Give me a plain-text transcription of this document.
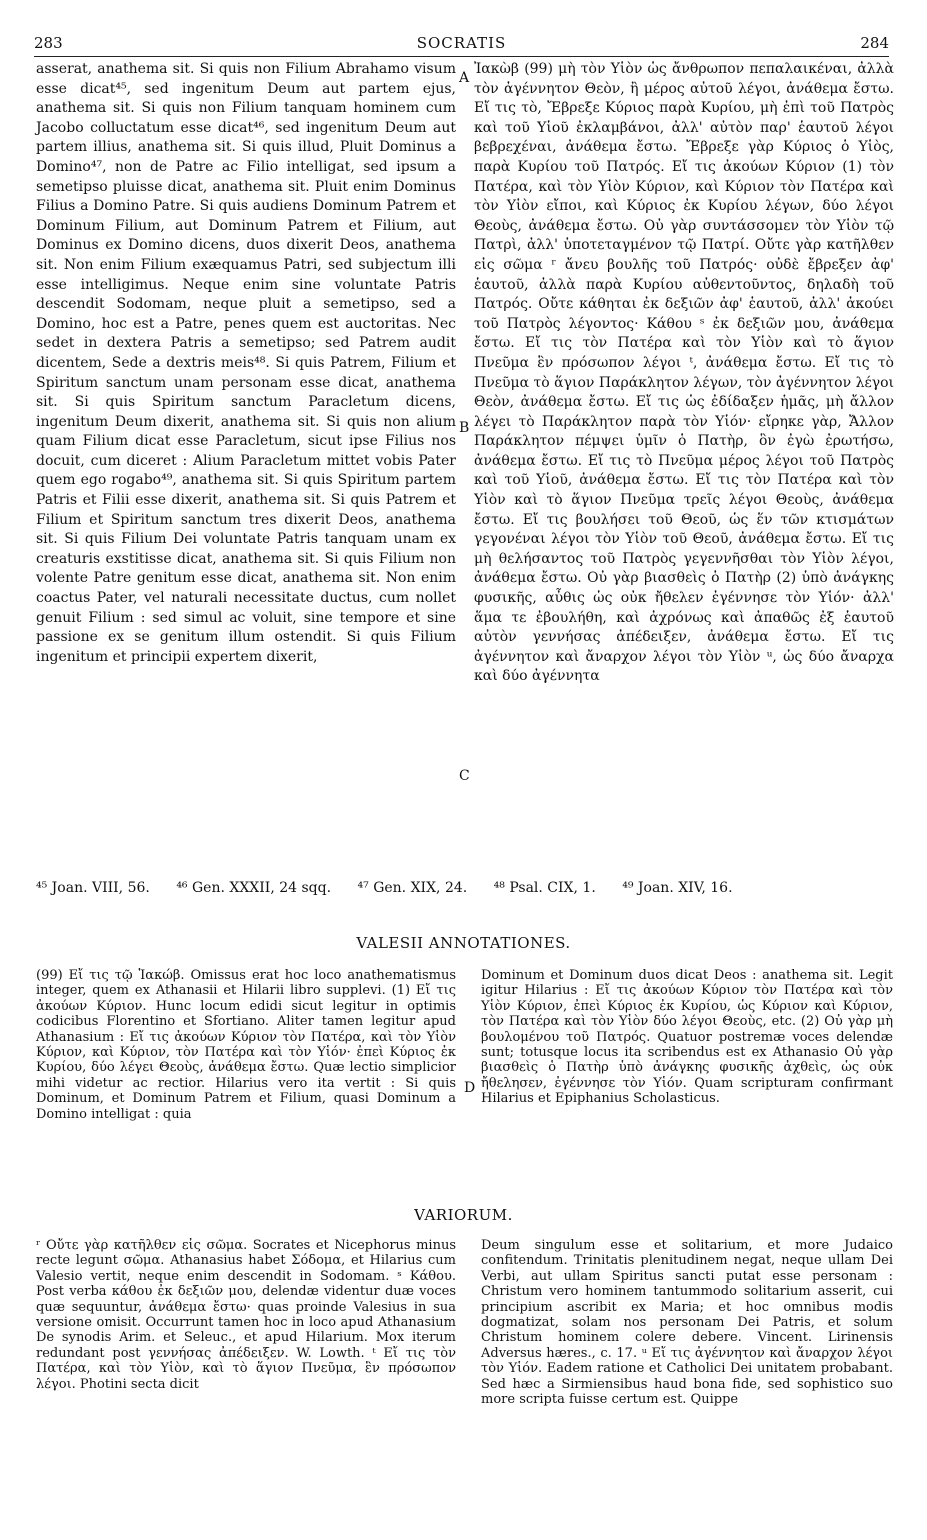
283	SOCRATIS	284

asserat, anathema sit. Si quis non Filium Abrahamo visum esse dicat⁴⁵, sed ingenitum Deum aut partem ejus, anathema sit. Si quis non Filium tanquam hominem cum Jacobo colluctatum esse dicat⁴⁶, sed ingenitum Deum aut partem illius, anathema sit. Si quis illud, Pluit Dominus a Domino⁴⁷, non de Patre ac Filio intelligat, sed ipsum a semetipso pluisse dicat, anathema sit. Pluit enim Dominus Filius a Domino Patre. Si quis audiens Dominum Patrem et Dominum Filium, aut Dominum Patrem et Filium, aut Dominus ex Domino dicens, duos dixerit Deos, anathema sit. Non enim Filium exæquamus Patri, sed subjectum illi esse intelligimus. Neque enim sine voluntate Patris descendit Sodomam, neque pluit a semetipso, sed a Domino, hoc est a Patre, penes quem est auctoritas. Nec sedet in dextera Patris a semetipso; sed Patrem audit dicentem, Sede a dextris meis⁴⁸. Si quis Patrem, Filium et Spiritum sanctum unam personam esse dicat, anathema sit. Si quis Spiritum sanctum Paracletum dicens, ingenitum Deum dixerit, anathema sit. Si quis non alium quam Filium dicat esse Paracletum, sicut ipse Filius nos docuit, cum diceret : Alium Paracletum mittet vobis Pater quem ego rogabo⁴⁹, anathema sit. Si quis Spiritum partem Patris et Filii esse dixerit, anathema sit. Si quis Patrem et Filium et Spiritum sanctum tres dixerit Deos, anathema sit. Si quis Filium Dei voluntate Patris tanquam unam ex creaturis exstitisse dicat, anathema sit. Si quis Filium non volente Patre genitum esse dicat, anathema sit. Non enim coactus Pater, vel naturali necessitate ductus, cum nollet genuit Filium : sed simul ac voluit, sine tempore et sine passione ex se genitum illum ostendit. Si quis Filium ingenitum et principii expertem dixerit,

Ἰακὼβ (99) μὴ τὸν Υἱὸν ὡς ἄνθρωπον πεπαλαικέναι, ἀλλὰ τὸν ἀγέννητον Θεὸν, ἢ μέρος αὐτοῦ λέγοι, ἀνάθεμα ἔστω. Εἴ τις τὸ, Ἔβρεξε Κύριος παρὰ Κυρίου, μὴ ἐπὶ τοῦ Πατρὸς καὶ τοῦ Υἱοῦ ἐκλαμβάνοι, ἀλλ' αὐτὸν παρ' ἑαυτοῦ λέγοι βεβρεχέναι, ἀνάθεμα ἔστω. Ἔβρεξε γὰρ Κύριος ὁ Υἱὸς, παρὰ Κυρίου τοῦ Πατρός. Εἴ τις ἀκούων Κύριον (1) τὸν Πατέρα, καὶ τὸν Υἱὸν Κύριον, καὶ Κύριον τὸν Πατέρα καὶ τὸν Υἱὸν εἴποι, καὶ Κύριος ἐκ Κυρίου λέγων, δύο λέγοι Θεοὺς, ἀνάθεμα ἔστω. Οὐ γὰρ συντάσσομεν τὸν Υἱὸν τῷ Πατρὶ, ἀλλ' ὑποτεταγμένον τῷ Πατρί. Οὔτε γὰρ κατῆλθεν εἰς σῶμα ʳ ἄνευ βουλῆς τοῦ Πατρός· οὐδὲ ἔβρεξεν ἀφ' ἑαυτοῦ, ἀλλὰ παρὰ Κυρίου αὐθεντοῦντος, δηλαδὴ τοῦ Πατρός. Οὔτε κάθηται ἐκ δεξιῶν ἀφ' ἑαυτοῦ, ἀλλ' ἀκούει τοῦ Πατρὸς λέγοντος· Κάθου ˢ ἐκ δεξιῶν μου, ἀνάθεμα ἔστω. Εἴ τις τὸν Πατέρα καὶ τὸν Υἱὸν καὶ τὸ ἅγιον Πνεῦμα ἓν πρόσωπον λέγοι ᵗ, ἀνάθεμα ἔστω. Εἴ τις τὸ Πνεῦμα τὸ ἅγιον Παράκλητον λέγων, τὸν ἀγέννητον λέγοι Θεὸν, ἀνάθεμα ἔστω. Εἴ τις ὡς ἐδίδαξεν ἡμᾶς, μὴ ἄλλον λέγει τὸ Παράκλητον παρὰ τὸν Υἱόν· εἴρηκε γὰρ, Ἄλλον Παράκλητον πέμψει ὑμῖν ὁ Πατὴρ, ὃν ἐγὼ ἐρωτήσω, ἀνάθεμα ἔστω. Εἴ τις τὸ Πνεῦμα μέρος λέγοι τοῦ Πατρὸς καὶ τοῦ Υἱοῦ, ἀνάθεμα ἔστω. Εἴ τις τὸν Πατέρα καὶ τὸν Υἱὸν καὶ τὸ ἅγιον Πνεῦμα τρεῖς λέγοι Θεοὺς, ἀνάθεμα ἔστω. Εἴ τις βουλήσει τοῦ Θεοῦ, ὡς ἕν τῶν κτισμάτων γεγονέναι λέγοι τὸν Υἱὸν τοῦ Θεοῦ, ἀνάθεμα ἔστω. Εἴ τις μὴ θελήσαντος τοῦ Πατρὸς γεγεννῆσθαι τὸν Υἱὸν λέγοι, ἀνάθεμα ἔστω. Οὐ γὰρ βιασθεὶς ὁ Πατὴρ (2) ὑπὸ ἀνάγκης φυσικῆς, αὖθις ὡς οὐκ ἤθελεν ἐγέννησε τὸν Υἱόν· ἀλλ' ἅμα τε ἐβουλήθη, καὶ ἀχρόνως καὶ ἀπαθῶς ἐξ ἑαυτοῦ αὐτὸν γεννήσας ἀπέδειξεν, ἀνάθεμα ἔστω. Εἴ τις ἀγέννητον καὶ ἄναρχον λέγοι τὸν Υἱὸν ᵘ, ὡς δύο ἄναρχα καὶ δύο ἀγέννητα

A
B
C
D
⁴⁵ Joan. VIII, 56. ⁴⁶ Gen. XXXII, 24 sqq. ⁴⁷ Gen. XIX, 24. ⁴⁸ Psal. CIX, 1. ⁴⁹ Joan. XIV, 16.
VALESII ANNOTATIONES.

(99) Εἴ τις τῷ Ἰακώβ. Omissus erat hoc loco anathematismus integer, quem ex Athanasii et Hilarii libro supplevi. (1) Εἴ τις ἀκούων Κύριον. Hunc locum edidi sicut legitur in optimis codicibus Florentino et Sfortiano. Aliter tamen legitur apud Athanasium : Εἴ τις ἀκούων Κύριον τὸν Πατέρα, καὶ τὸν Υἱὸν Κύριον, καὶ Κύριον, τὸν Πατέρα καὶ τὸν Υἱόν· ἐπεὶ Κύριος ἐκ Κυρίου, δύο λέγει Θεοὺς, ἀνάθεμα ἔστω. Quæ lectio simplicior mihi videtur ac rectior. Hilarius vero ita vertit : Si quis Dominum, et Dominum Patrem et Filium, quasi Dominum a Domino intelligat : quia

Dominum et Dominum duos dicat Deos : anathema sit. Legit igitur Hilarius : Εἴ τις ἀκούων Κύριον τὸν Πατέρα καὶ τὸν Υἱὸν Κύριον, ἐπεὶ Κύριος ἐκ Κυρίου, ὡς Κύριον καὶ Κύριον, τὸν Πατέρα καὶ τὸν Υἱὸν δύο λέγοι Θεοὺς, etc. (2) Οὐ γὰρ μὴ βουλομένου τοῦ Πατρός. Quatuor postremæ voces delendæ sunt; totusque locus ita scribendus est ex Athanasio Οὐ γὰρ βιασθεὶς ὁ Πατὴρ ὑπὸ ἀνάγκης φυσικῆς ἀχθεὶς, ὡς οὐκ ἤθελησεν, ἐγέννησε τὸν Υἱόν. Quam scripturam confirmant Hilarius et Epiphanius Scholasticus.

VARIORUM.

ʳ Οὔτε γὰρ κατῆλθεν εἰς σῶμα. Socrates et Nicephorus minus recte legunt σῶμα. Athanasius habet Σόδομα, et Hilarius cum Valesio vertit, neque enim descendit in Sodomam. ˢ Κάθου. Post verba κάθου ἐκ δεξιῶν μου, delendæ videntur duæ voces quæ sequuntur, ἀνάθεμα ἔστω· quas proinde Valesius in sua versione omisit. Occurrunt tamen hoc in loco apud Athanasium De synodis Arim. et Seleuc., et apud Hilarium. Mox iterum redundant post γεννήσας ἀπέδειξεν. W. Lowth. ᵗ Εἴ τις τὸν Πατέρα, καὶ τὸν Υἱὸν, καὶ τὸ ἅγιον Πνεῦμα, ἓν πρόσωπον λέγοι. Photini secta dicit

Deum singulum esse et solitarium, et more Judaico confitendum. Trinitatis plenitudinem negat, neque ullam Dei Verbi, aut ullam Spiritus sancti putat esse personam : Christum vero hominem tantummodo solitarium asserit, cui principium ascribit ex Maria; et hoc omnibus modis dogmatizat, solam nos personam Dei Patris, et solum Christum hominem colere debere. Vincent. Lirinensis Adversus hæres., c. 17. ᵘ Εἴ τις ἀγέννητον καὶ ἄναρχον λέγοι τὸν Υἱόν. Eadem ratione et Catholici Dei unitatem probabant. Sed hæc a Sirmiensibus haud bona fide, sed sophistico suo more scripta fuisse certum est. Quippe
